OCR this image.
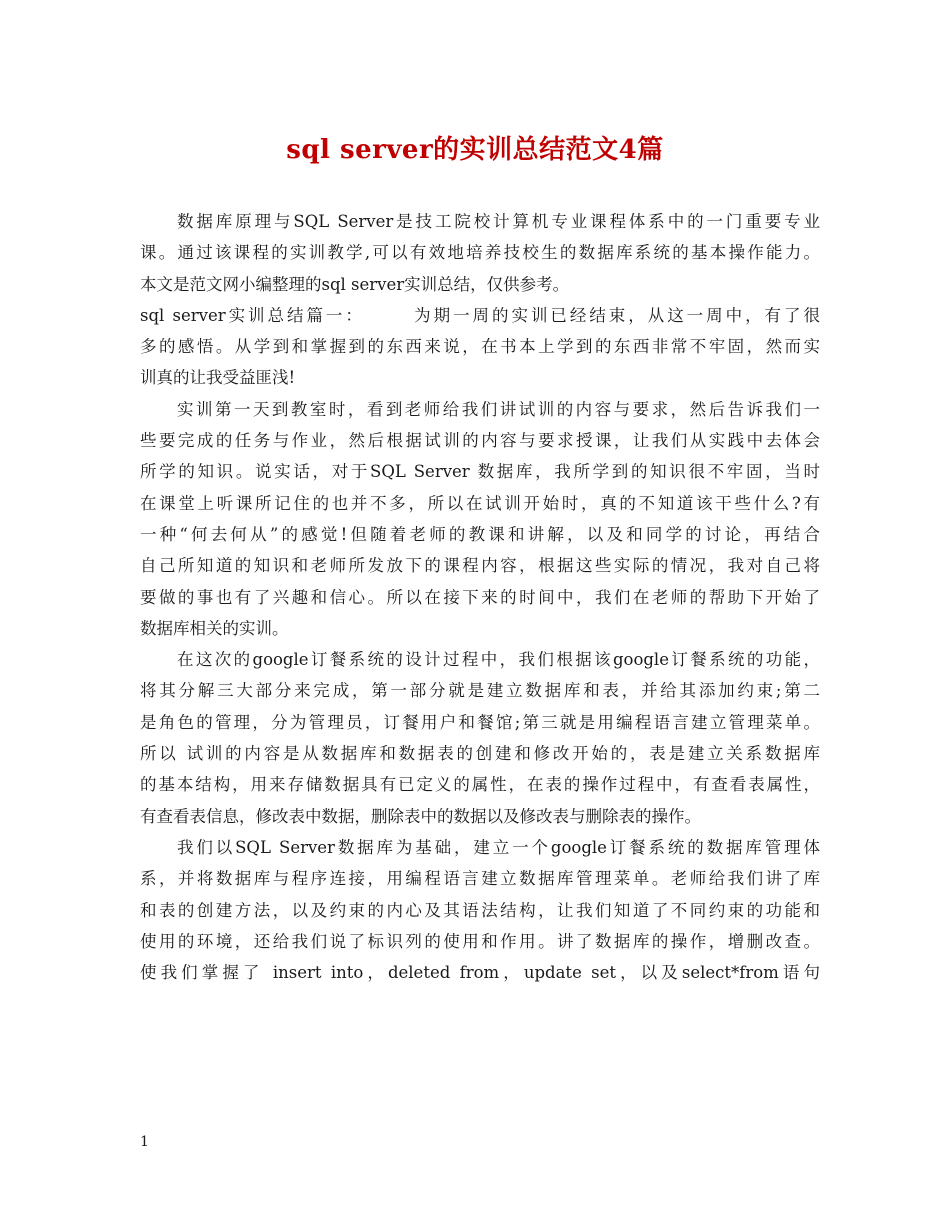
sql server的实训总结范文4篇
数据库原理与SQL Server是技工院校计算机专业课程体系中的一门重要专业
课。通过该课程的实训教学,可以有效地培养技校生的数据库系统的基本操作能力。
本文是范文网小编整理的sql server实训总结，仅供参考。
sql server实训总结篇一：      为期一周的实训已经结束，从这一周中，有了很
多的感悟。从学到和掌握到的东西来说，在书本上学到的东西非常不牢固，然而实
训真的让我受益匪浅!
实训第一天到教室时，看到老师给我们讲试训的内容与要求，然后告诉我们一
些要完成的任务与作业，然后根据试训的内容与要求授课，让我们从实践中去体会
所学的知识。说实话，对于SQL Server 数据库，我所学到的知识很不牢固，当时
在课堂上听课所记住的也并不多，所以在试训开始时，真的不知道该干些什么?有
一种“何去何从”的感觉!但随着老师的教课和讲解，以及和同学的讨论，再结合
自己所知道的知识和老师所发放下的课程内容，根据这些实际的情况，我对自己将
要做的事也有了兴趣和信心。所以在接下来的时间中，我们在老师的帮助下开始了
数据库相关的实训。
在这次的google订餐系统的设计过程中，我们根据该google订餐系统的功能，
将其分解三大部分来完成，第一部分就是建立数据库和表，并给其添加约束;第二
是角色的管理，分为管理员，订餐用户和餐馆;第三就是用编程语言建立管理菜单。
所以 试训的内容是从数据库和数据表的创建和修改开始的，表是建立关系数据库
的基本结构，用来存储数据具有已定义的属性，在表的操作过程中，有查看表属性，
有查看表信息，修改表中数据，删除表中的数据以及修改表与删除表的操作。
我们以SQL Server数据库为基础，建立一个google订餐系统的数据库管理体
系，并将数据库与程序连接，用编程语言建立数据库管理菜单。老师给我们讲了库
和表的创建方法，以及约束的内心及其语法结构，让我们知道了不同约束的功能和
使用的环境，还给我们说了标识列的使用和作用。讲了数据库的操作，增删改查。
使我们掌握了 insert into，deleted from，update set，以及select*from语句
1
